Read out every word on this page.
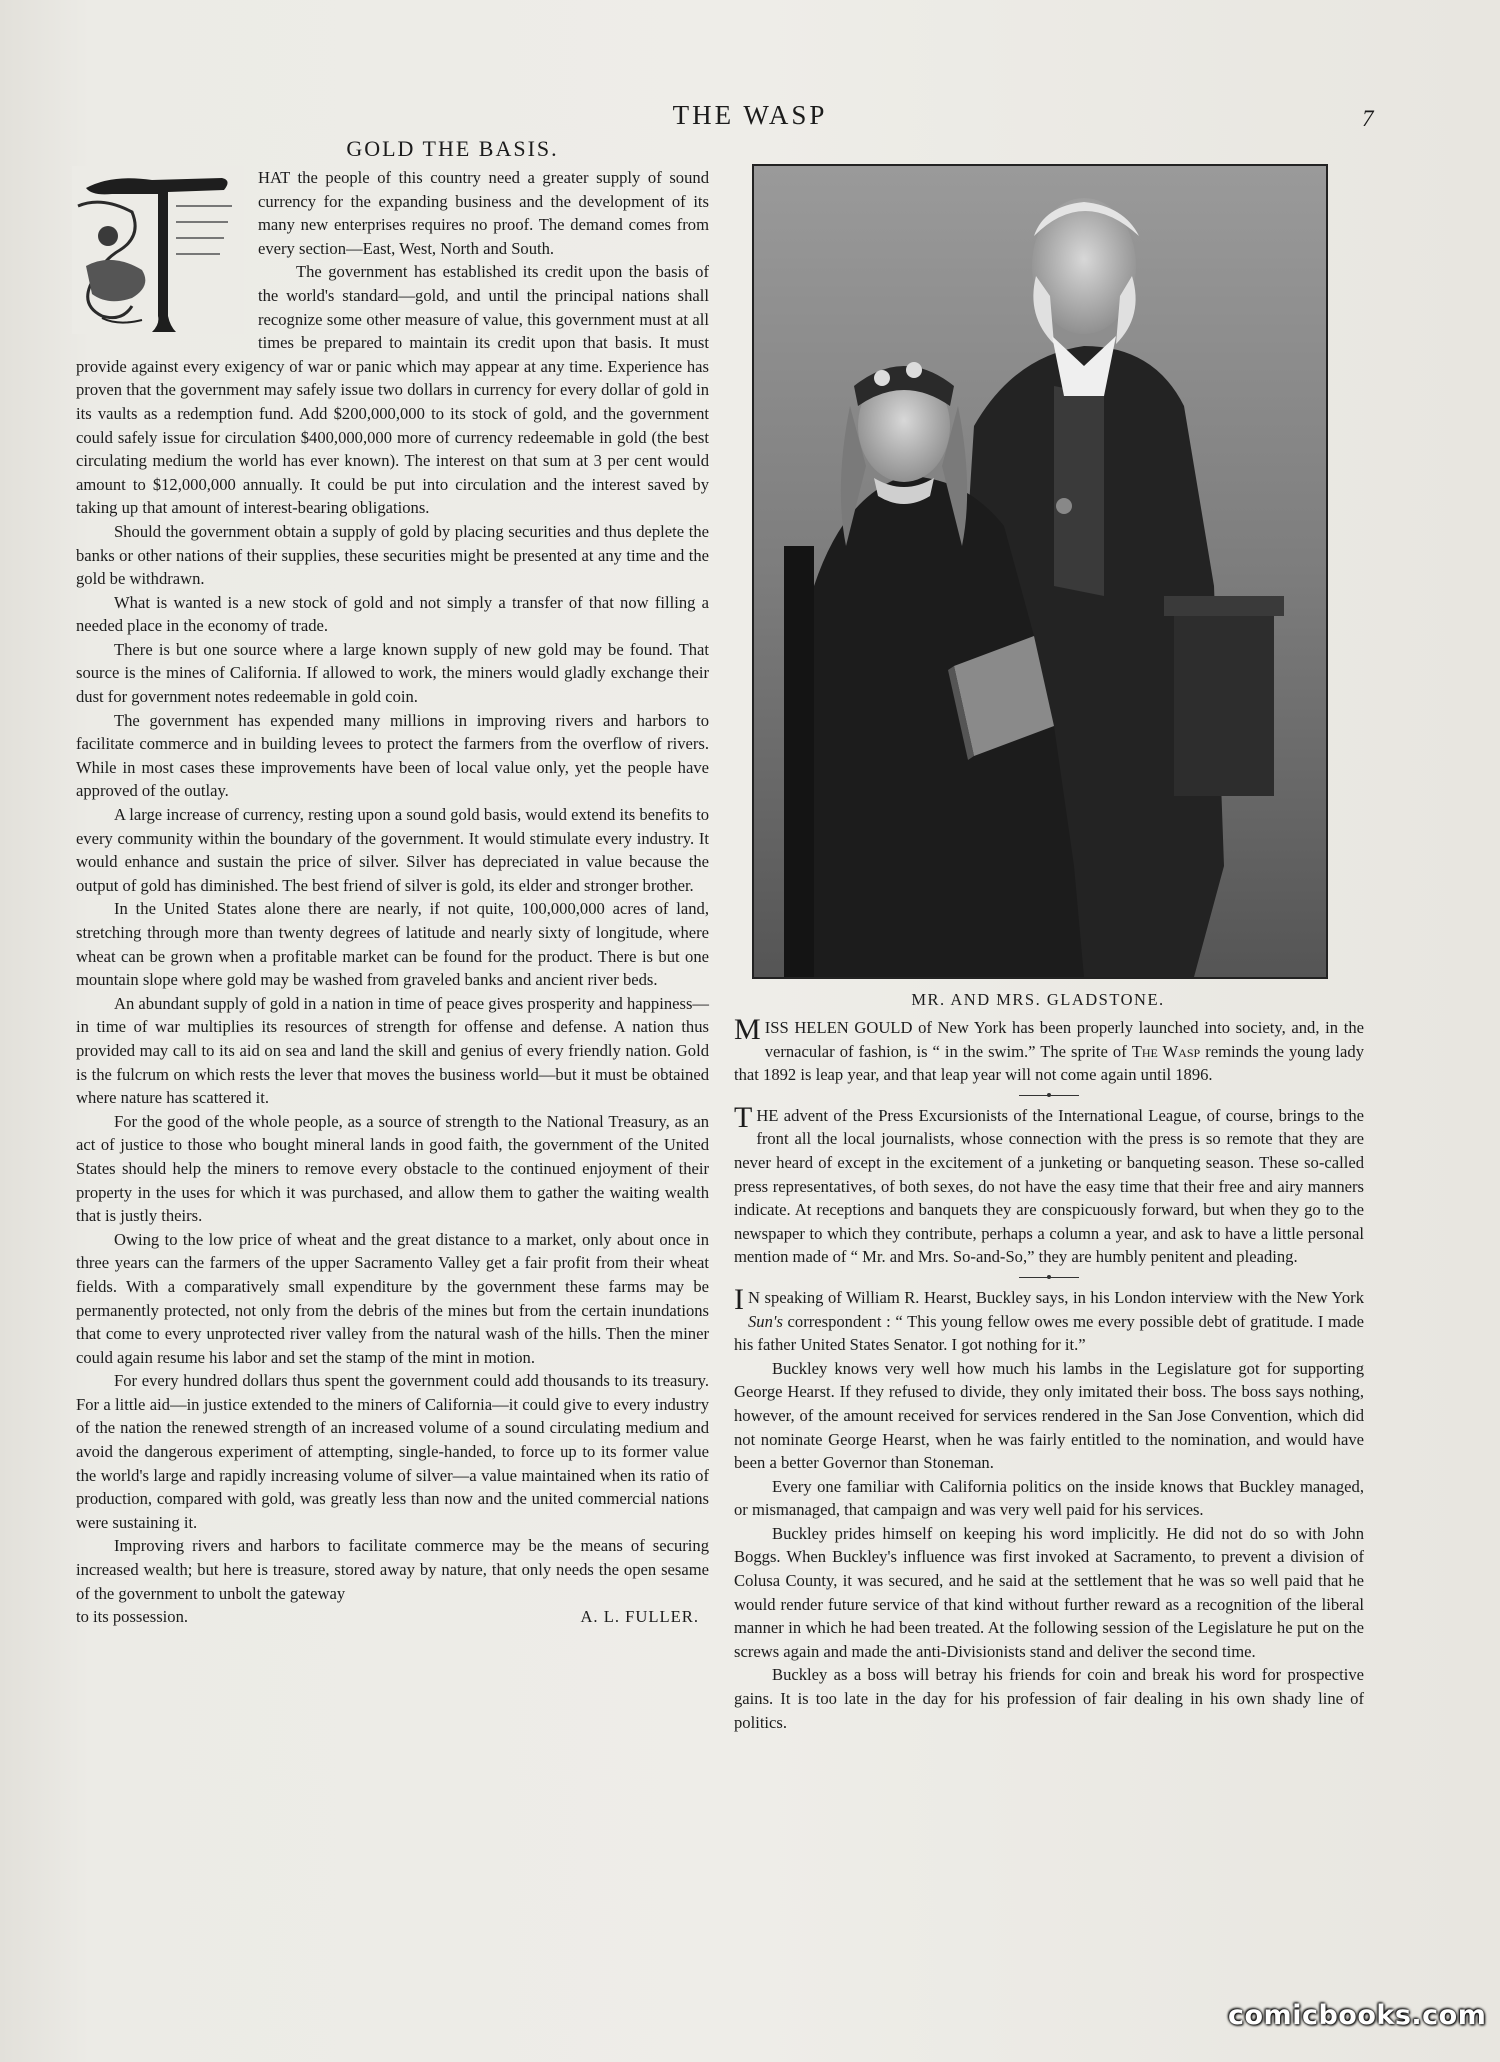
THE WASP	7
GOLD THE BASIS.

HAT the people of this country need a greater supply of sound currency for the expanding business and the development of its many new enterprises requires no proof. The demand comes from every section—East, West, North and South.

The government has established its credit upon the basis of the world's standard—gold, and until the principal nations shall recognize some other measure of value, this government must at all times be prepared to maintain its credit upon that basis. It must provide against every exigency of war or panic which may appear at any time. Experience has proven that the government may safely issue two dollars in currency for every dollar of gold in its vaults as a redemption fund. Add $200,000,000 to its stock of gold, and the government could safely issue for circulation $400,000,000 more of currency redeemable in gold (the best circulating medium the world has ever known). The interest on that sum at 3 per cent would amount to $12,000,000 annually. It could be put into circulation and the interest saved by taking up that amount of interest-bearing obligations.

Should the government obtain a supply of gold by placing securities and thus deplete the banks or other nations of their supplies, these securities might be presented at any time and the gold be withdrawn.

What is wanted is a new stock of gold and not simply a transfer of that now filling a needed place in the economy of trade.

There is but one source where a large known supply of new gold may be found. That source is the mines of California. If allowed to work, the miners would gladly exchange their dust for government notes redeemable in gold coin.

The government has expended many millions in improving rivers and harbors to facilitate commerce and in building levees to protect the farmers from the overflow of rivers. While in most cases these improvements have been of local value only, yet the people have approved of the outlay.

A large increase of currency, resting upon a sound gold basis, would extend its benefits to every community within the boundary of the government. It would stimulate every industry. It would enhance and sustain the price of silver. Silver has depreciated in value because the output of gold has diminished. The best friend of silver is gold, its elder and stronger brother.

In the United States alone there are nearly, if not quite, 100,000,000 acres of land, stretching through more than twenty degrees of latitude and nearly sixty of longitude, where wheat can be grown when a profitable market can be found for the product. There is but one mountain slope where gold may be washed from graveled banks and ancient river beds.

An abundant supply of gold in a nation in time of peace gives prosperity and happiness—in time of war multiplies its resources of strength for offense and defense. A nation thus provided may call to its aid on sea and land the skill and genius of every friendly nation. Gold is the fulcrum on which rests the lever that moves the business world—but it must be obtained where nature has scattered it.

For the good of the whole people, as a source of strength to the National Treasury, as an act of justice to those who bought mineral lands in good faith, the government of the United States should help the miners to remove every obstacle to the continued enjoyment of their property in the uses for which it was purchased, and allow them to gather the waiting wealth that is justly theirs.

Owing to the low price of wheat and the great distance to a market, only about once in three years can the farmers of the upper Sacramento Valley get a fair profit from their wheat fields. With a comparatively small expenditure by the government these farms may be permanently protected, not only from the debris of the mines but from the certain inundations that come to every unprotected river valley from the natural wash of the hills. Then the miner could again resume his labor and set the stamp of the mint in motion.

For every hundred dollars thus spent the government could add thousands to its treasury. For a little aid—in justice extended to the miners of California—it could give to every industry of the nation the renewed strength of an increased volume of a sound circulating medium and avoid the dangerous experiment of attempting, single-handed, to force up to its former value the world's large and rapidly increasing volume of silver—a value maintained when its ratio of production, compared with gold, was greatly less than now and the united commercial nations were sustaining it.

Improving rivers and harbors to facilitate commerce may be the means of securing increased wealth; but here is treasure, stored away by nature, that only needs the open sesame of the government to unbolt the gateway

to its possession.	A. L. FULLER.
MR. AND MRS. GLADSTONE.

MISS HELEN GOULD of New York has been properly launched into society, and, in the vernacular of fashion, is “ in the swim.” The sprite of The Wasp reminds the young lady that 1892 is leap year, and that leap year will not come again until 1896.

THE advent of the Press Excursionists of the International League, of course, brings to the front all the local journalists, whose connection with the press is so remote that they are never heard of except in the excitement of a junketing or banqueting season. These so-called press representatives, of both sexes, do not have the easy time that their free and airy manners indicate. At receptions and banquets they are conspicuously forward, but when they go to the newspaper to which they contribute, perhaps a column a year, and ask to have a little personal mention made of “ Mr. and Mrs. So-and-So,” they are humbly penitent and pleading.

I N speaking of William R. Hearst, Buckley says, in his London interview with the New York Sun's correspondent : “ This young fellow owes me every possible debt of gratitude. I made his father United States Senator. I got nothing for it.”

Buckley knows very well how much his lambs in the Legislature got for supporting George Hearst. If they refused to divide, they only imitated their boss. The boss says nothing, however, of the amount received for services rendered in the San Jose Convention, which did not nominate George Hearst, when he was fairly entitled to the nomination, and would have been a better Governor than Stoneman.

Every one familiar with California politics on the inside knows that Buckley managed, or mismanaged, that campaign and was very well paid for his services.

Buckley prides himself on keeping his word implicitly. He did not do so with John Boggs. When Buckley's influence was first invoked at Sacramento, to prevent a division of Colusa County, it was secured, and he said at the settlement that he was so well paid that he would render future service of that kind without further reward as a recognition of the liberal manner in which he had been treated. At the following session of the Legislature he put on the screws again and made the anti-Divisionists stand and deliver the second time.

Buckley as a boss will betray his friends for coin and break his word for prospective gains. It is too late in the day for his profession of fair dealing in his own shady line of politics.

comicbooks.com
